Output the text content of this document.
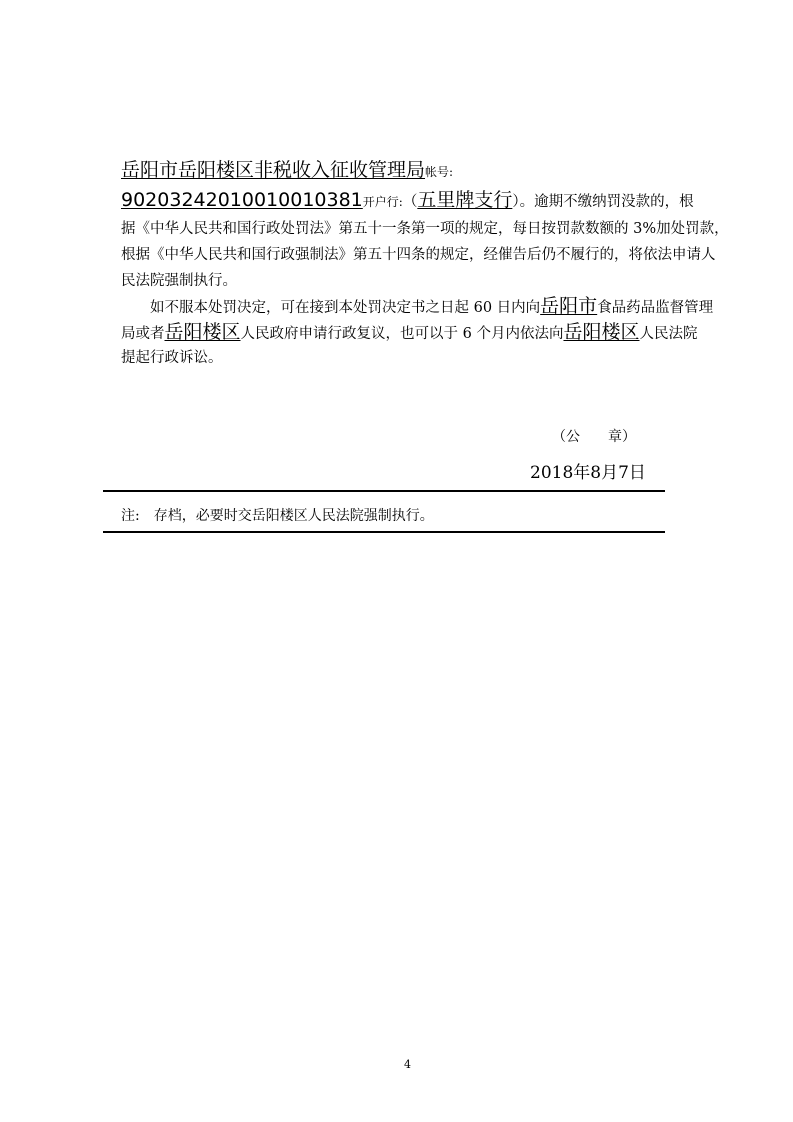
岳阳市岳阳楼区非税收入征收管理局帐号:
90203242010010010381开户行:（五里牌支行）。逾期不缴纳罚没款的，根
据《中华人民共和国行政处罚法》第五十一条第一项的规定，每日按罚款数额的 3%加处罚款，
根据《中华人民共和国行政强制法》第五十四条的规定，经催告后仍不履行的，将依法申请人
民法院强制执行。
如不服本处罚决定，可在接到本处罚决定书之日起 60 日内向岳阳市食品药品监督管理
局或者岳阳楼区人民政府申请行政复议，也可以于 6 个月内依法向岳阳楼区人民法院
提起行政诉讼。
（公　　章）
2018年8月7日
注:　存档，必要时交岳阳楼区人民法院强制执行。
4
